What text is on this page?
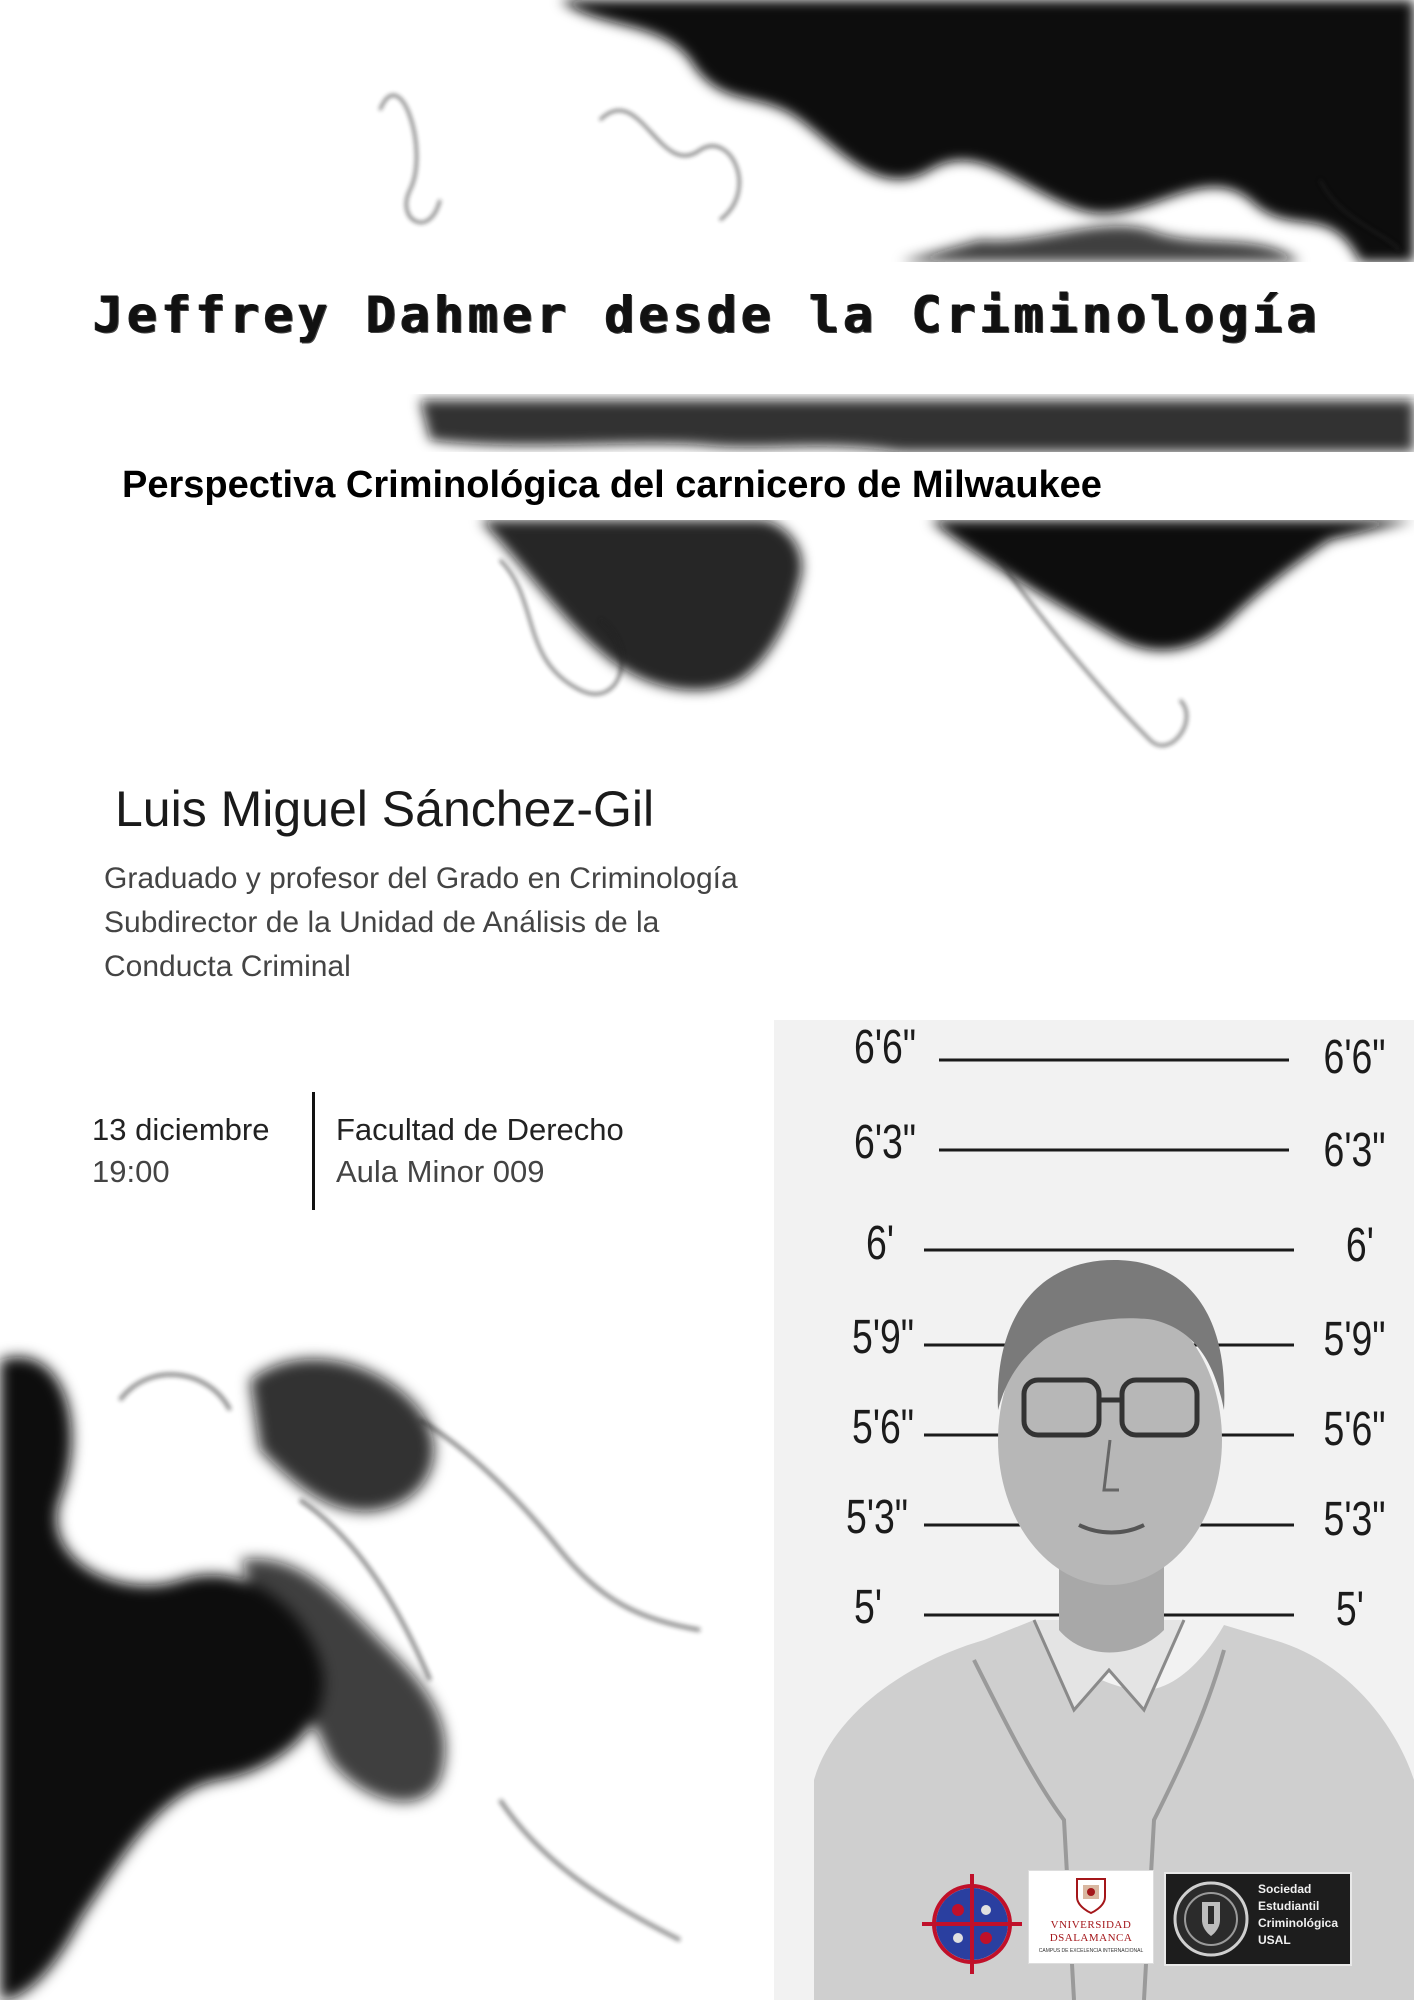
Jeffrey Dahmer desde la Criminología
Perspectiva Criminológica del carnicero de Milwaukee
Luis Miguel Sánchez-Gil
Graduado y profesor del Grado en Criminología
Subdirector de la Unidad de Análisis de la
Conducta Criminal
13 diciembre
19:00
Facultad de Derecho
Aula Minor 009
6'6"	6'6"
6'3"	6'3"
6'	6'
5'9"	5'9"
5'6"	5'6"
5'3"	5'3"
5'	5'
VNIVERSIDAD
DSALAMANCA
CAMPUS DE EXCELENCIA INTERNACIONAL
Sociedad
Estudiantil
Criminológica
USAL
